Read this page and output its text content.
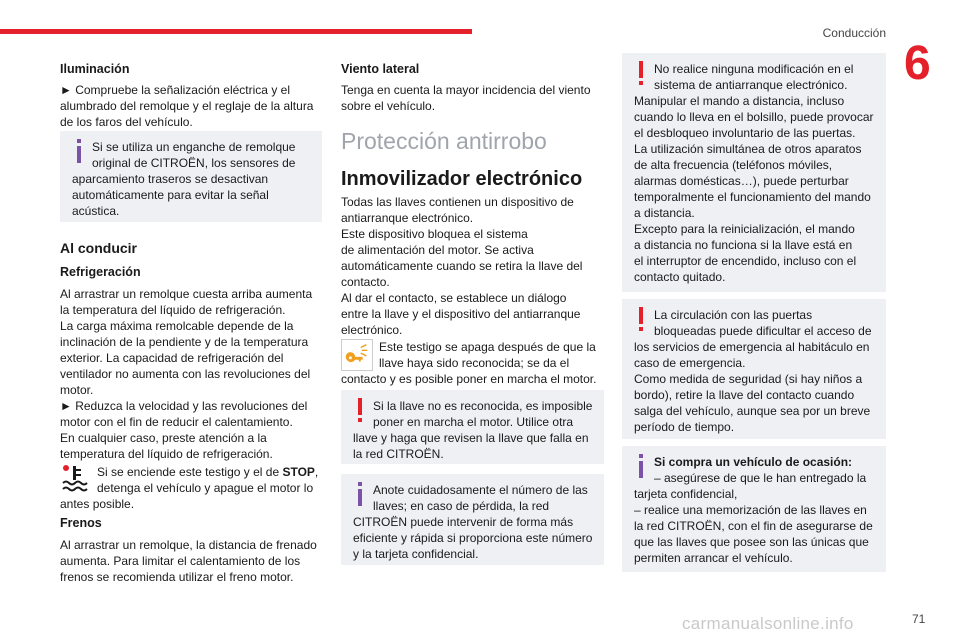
Conducción
6
71
carmanualsonline.info
Iluminación
► Compruebe la señalización eléctrica y el
alumbrado del remolque y el reglaje de la altura
de los faros del vehículo.
Si se utiliza un enganche de remolque
original de CITROËN, los sensores de
aparcamiento traseros se desactivan
automáticamente para evitar la señal
acústica.
Al conducir
Refrigeración
Al arrastrar un remolque cuesta arriba aumenta
la temperatura del líquido de refrigeración.
La carga máxima remolcable depende de la
inclinación de la pendiente y de la temperatura
exterior. La capacidad de refrigeración del
ventilador no aumenta con las revoluciones del
motor.
► Reduzca la velocidad y las revoluciones del
motor con el fin de reducir el calentamiento.
En cualquier caso, preste atención a la
temperatura del líquido de refrigeración.
Si se enciende este testigo y el de STOP,
detenga el vehículo y apague el motor lo
antes posible.
Frenos
Al arrastrar un remolque, la distancia de frenado
aumenta. Para limitar el calentamiento de los
frenos se recomienda utilizar el freno motor.
Viento lateral
Tenga en cuenta la mayor incidencia del viento
sobre el vehículo.
Protección antirrobo
Inmovilizador electrónico
Todas las llaves contienen un dispositivo de
antiarranque electrónico.
Este dispositivo bloquea el sistema
de alimentación del motor. Se activa
automáticamente cuando se retira la llave del
contacto.
Al dar el contacto, se establece un diálogo
entre la llave y el dispositivo del antiarranque
electrónico.
Este testigo se apaga después de que la
llave haya sido reconocida; se da el
contacto y es posible poner en marcha el motor.
Si la llave no es reconocida, es imposible
poner en marcha el motor. Utilice otra
llave y haga que revisen la llave que falla en
la red CITROËN.
Anote cuidadosamente el número de las
llaves; en caso de pérdida, la red
CITROËN puede intervenir de forma más
eficiente y rápida si proporciona este número
y la tarjeta confidencial.
No realice ninguna modificación en el
sistema de antiarranque electrónico.
Manipular el mando a distancia, incluso
cuando lo lleva en el bolsillo, puede provocar
el desbloqueo involuntario de las puertas.
La utilización simultánea de otros aparatos
de alta frecuencia (teléfonos móviles,
alarmas domésticas…), puede perturbar
temporalmente el funcionamiento del mando
a distancia.
Excepto para la reinicialización, el mando
a distancia no funciona si la llave está en
el interruptor de encendido, incluso con el
contacto quitado.
La circulación con las puertas
bloqueadas puede dificultar el acceso de
los servicios de emergencia al habitáculo en
caso de emergencia.
Como medida de seguridad (si hay niños a
bordo), retire la llave del contacto cuando
salga del vehículo, aunque sea por un breve
período de tiempo.
Si compra un vehículo de ocasión:
– asegúrese de que le han entregado la
tarjeta confidencial,
– realice una memorización de las llaves en
la red CITROËN, con el fin de asegurarse de
que las llaves que posee son las únicas que
permiten arrancar el vehículo.
